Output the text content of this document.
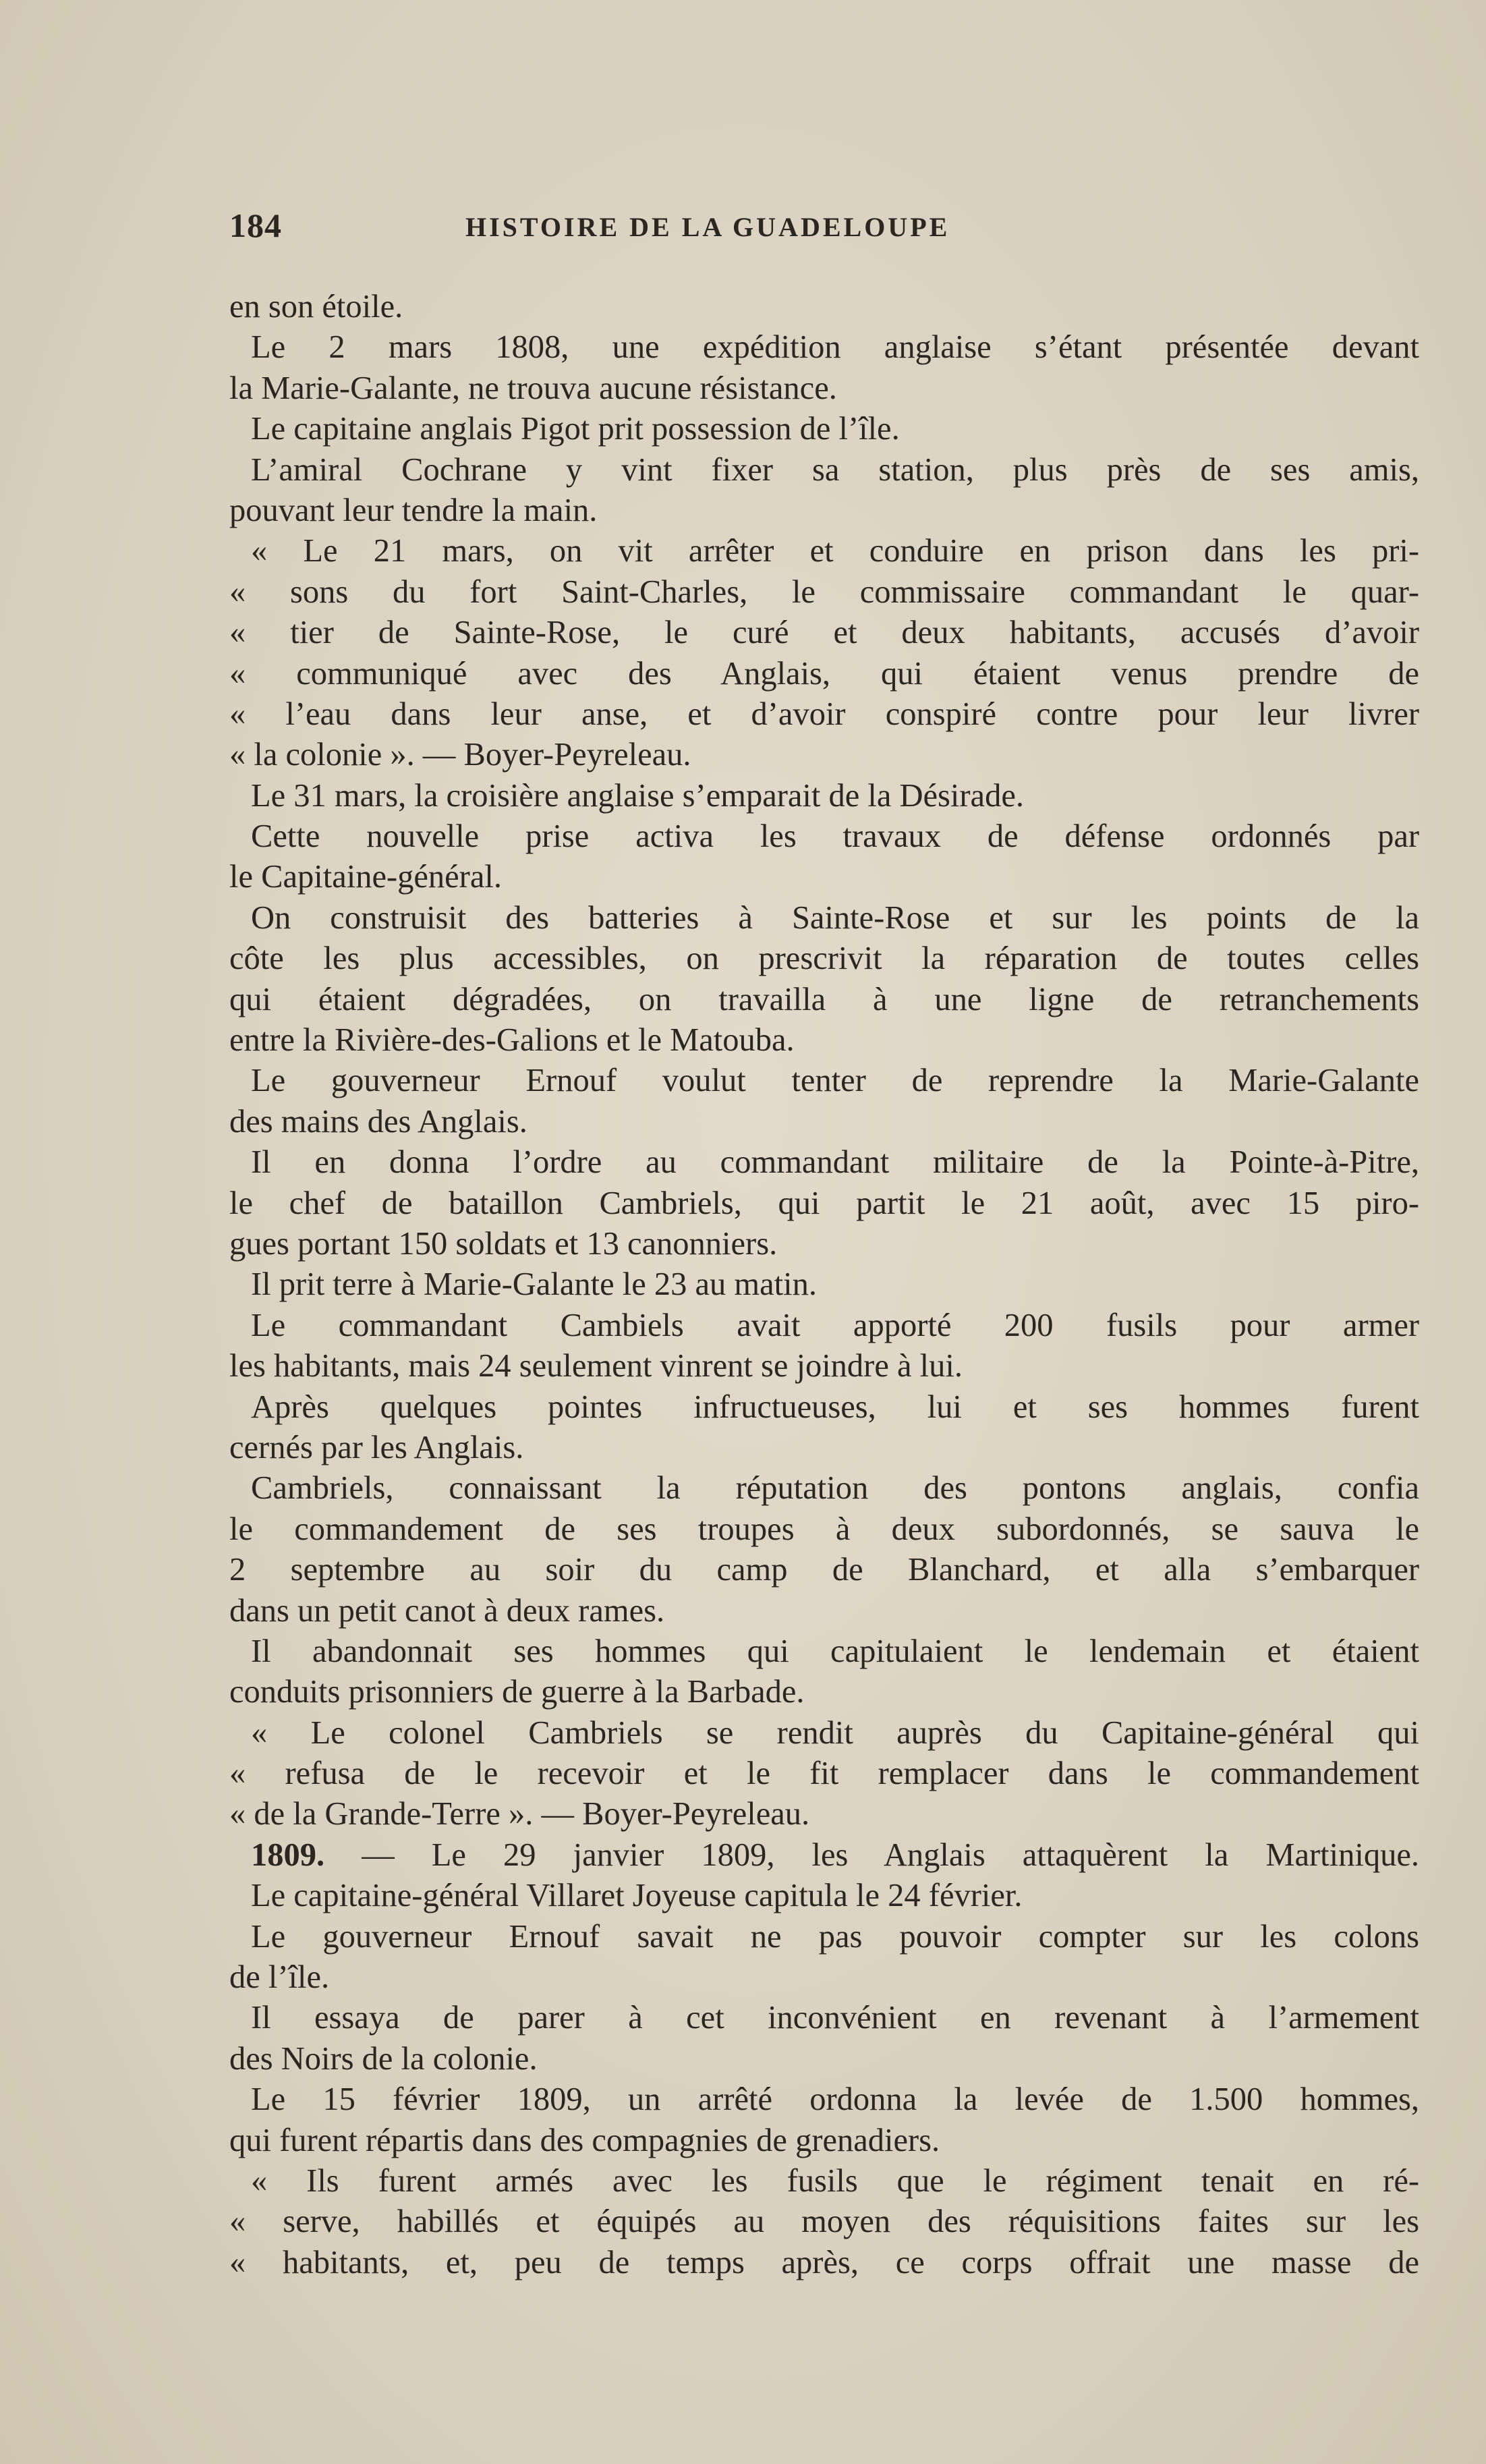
184	HISTOIRE DE LA GUADELOUPE
en son étoile.
Le 2 mars 1808, une expédition anglaise s’étant présentée devant
la Marie-Galante, ne trouva aucune résistance.
Le capitaine anglais Pigot prit possession de l’île.
L’amiral Cochrane y vint fixer sa station, plus près de ses amis,
pouvant leur tendre la main.
« Le 21 mars, on vit arrêter et conduire en prison dans les pri-
« sons du fort Saint-Charles, le commissaire commandant le quar-
« tier de Sainte-Rose, le curé et deux habitants, accusés d’avoir
« communiqué avec des Anglais, qui étaient venus prendre de
« l’eau dans leur anse, et d’avoir conspiré contre pour leur livrer
« la colonie ». — Boyer-Peyreleau.
Le 31 mars, la croisière anglaise s’emparait de la Désirade.
Cette nouvelle prise activa les travaux de défense ordonnés par
le Capitaine-général.
On construisit des batteries à Sainte-Rose et sur les points de la
côte les plus accessibles, on prescrivit la réparation de toutes celles
qui étaient dégradées, on travailla à une ligne de retranchements
entre la Rivière-des-Galions et le Matouba.
Le gouverneur Ernouf voulut tenter de reprendre la Marie-Galante
des mains des Anglais.
Il en donna l’ordre au commandant militaire de la Pointe-à-Pitre,
le chef de bataillon Cambriels, qui partit le 21 août, avec 15 piro-
gues portant 150 soldats et 13 canonniers.
Il prit terre à Marie-Galante le 23 au matin.
Le commandant Cambiels avait apporté 200 fusils pour armer
les habitants, mais 24 seulement vinrent se joindre à lui.
Après quelques pointes infructueuses, lui et ses hommes furent
cernés par les Anglais.
Cambriels, connaissant la réputation des pontons anglais, confia
le commandement de ses troupes à deux subordonnés, se sauva le
2 septembre au soir du camp de Blanchard, et alla s’embarquer
dans un petit canot à deux rames.
Il abandonnait ses hommes qui capitulaient le lendemain et étaient
conduits prisonniers de guerre à la Barbade.
« Le colonel Cambriels se rendit auprès du Capitaine-général qui
« refusa de le recevoir et le fit remplacer dans le commandement
« de la Grande-Terre ». — Boyer-Peyreleau.
1809. — Le 29 janvier 1809, les Anglais attaquèrent la Martinique.
Le capitaine-général Villaret Joyeuse capitula le 24 février.
Le gouverneur Ernouf savait ne pas pouvoir compter sur les colons
de l’île.
Il essaya de parer à cet inconvénient en revenant à l’armement
des Noirs de la colonie.
Le 15 février 1809, un arrêté ordonna la levée de 1.500 hommes,
qui furent répartis dans des compagnies de grenadiers.
« Ils furent armés avec les fusils que le régiment tenait en ré-
« serve, habillés et équipés au moyen des réquisitions faites sur les
« habitants, et, peu de temps après, ce corps offrait une masse de
